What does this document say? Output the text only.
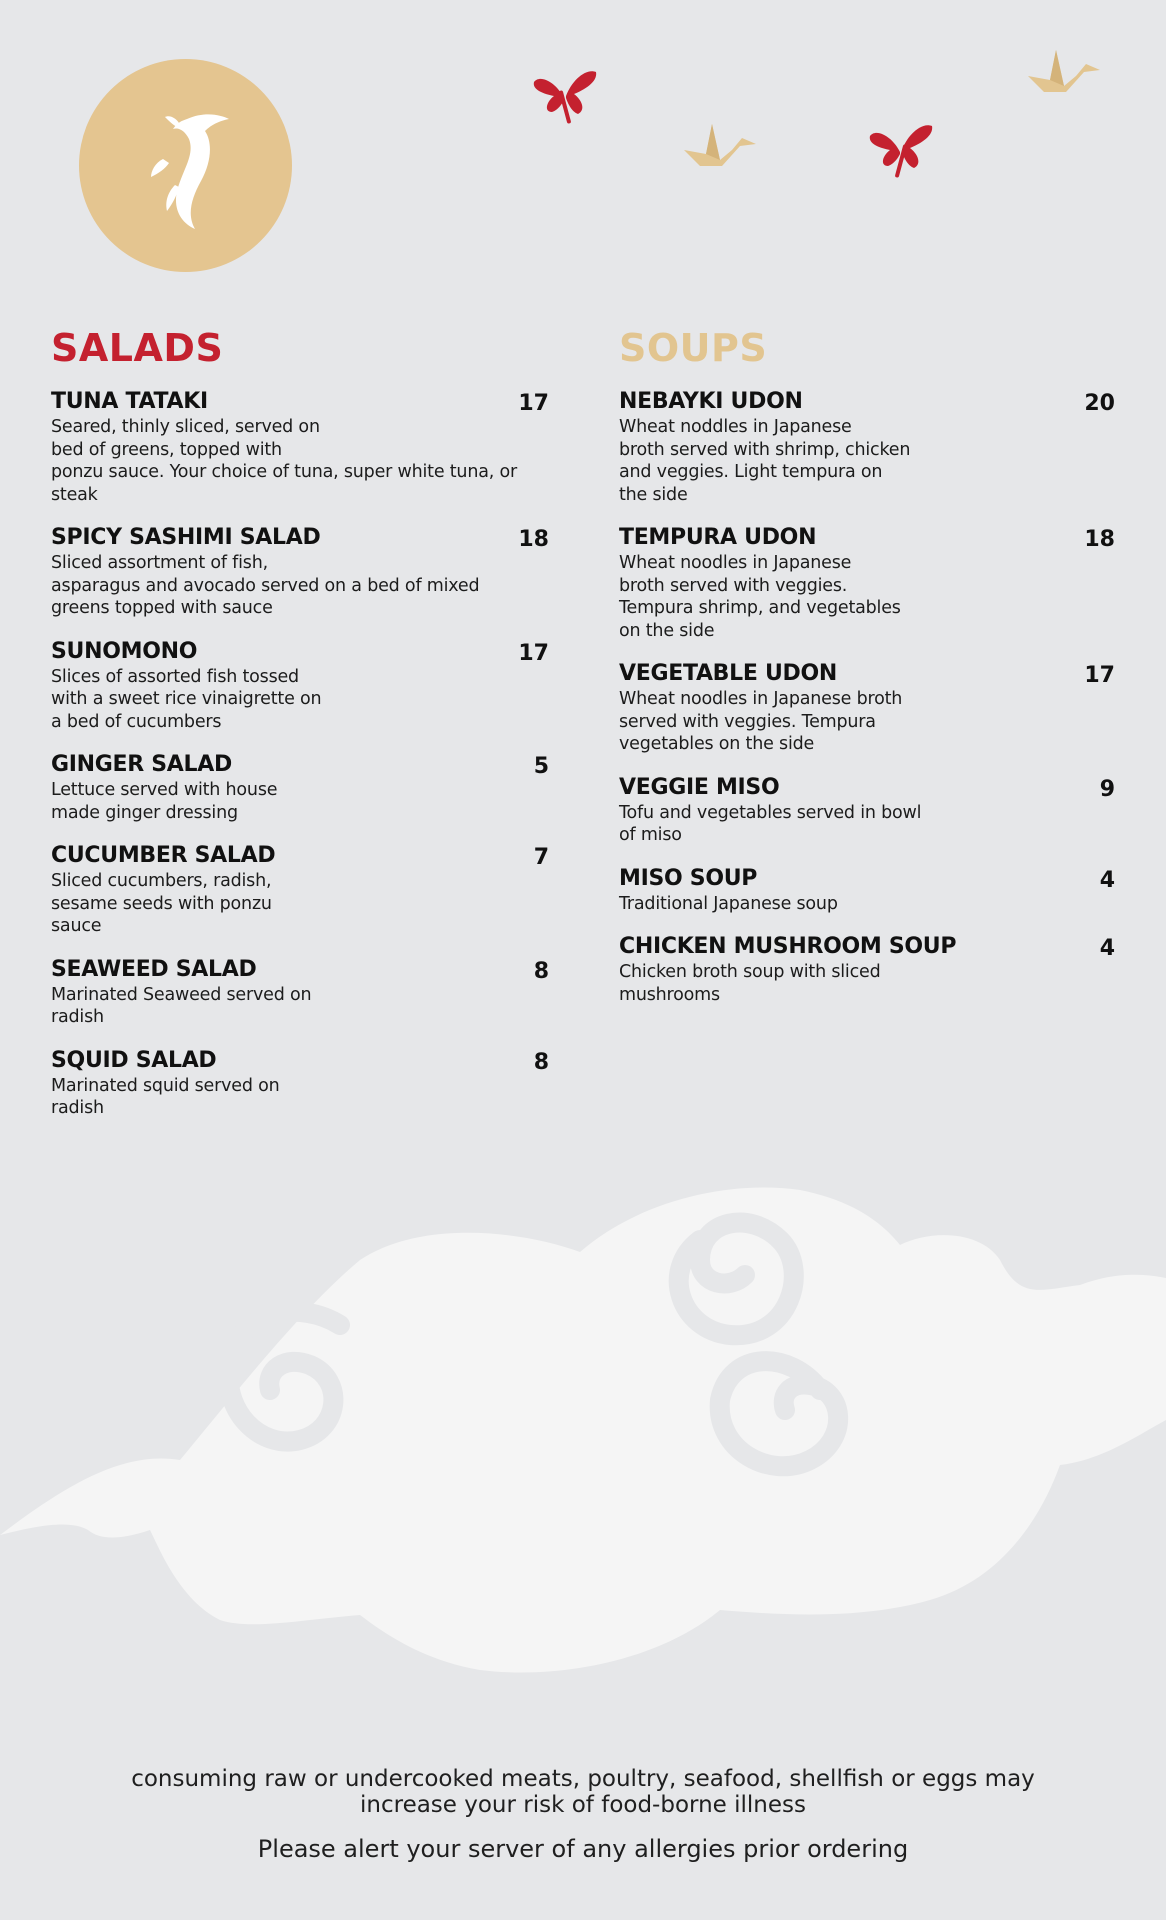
SALADS
TUNA TATAKI	17
Seared, thinly sliced, served on
bed of greens, topped with
ponzu sauce. Your choice of tuna, super white tuna, or
steak
SPICY SASHIMI SALAD	18
Sliced assortment of fish,
asparagus and avocado served on a bed of mixed
greens topped with sauce
SUNOMONO	17
Slices of assorted fish tossed
with a sweet rice vinaigrette on
a bed of cucumbers
GINGER SALAD	5
Lettuce served with house
made ginger dressing
CUCUMBER SALAD	7
Sliced cucumbers, radish,
sesame seeds with ponzu
sauce
SEAWEED SALAD	8
Marinated Seaweed served on
radish
SQUID SALAD	8
Marinated squid served on
radish
SOUPS
NEBAYKI UDON	20
Wheat noddles in Japanese
broth served with shrimp, chicken
and veggies. Light tempura on
the side
TEMPURA UDON	18
Wheat noodles in Japanese
broth served with veggies.
Tempura shrimp, and vegetables
on the side
VEGETABLE UDON	17
Wheat noodles in Japanese broth
served with veggies. Tempura
vegetables on the side
VEGGIE MISO	9
Tofu and vegetables served in bowl
of miso
MISO SOUP	4
Traditional Japanese soup
CHICKEN MUSHROOM SOUP	4
Chicken broth soup with sliced
mushrooms
consuming raw or undercooked meats, poultry, seafood, shellfish or eggs may
increase your risk of food-borne illness
Please alert your server of any allergies prior ordering
